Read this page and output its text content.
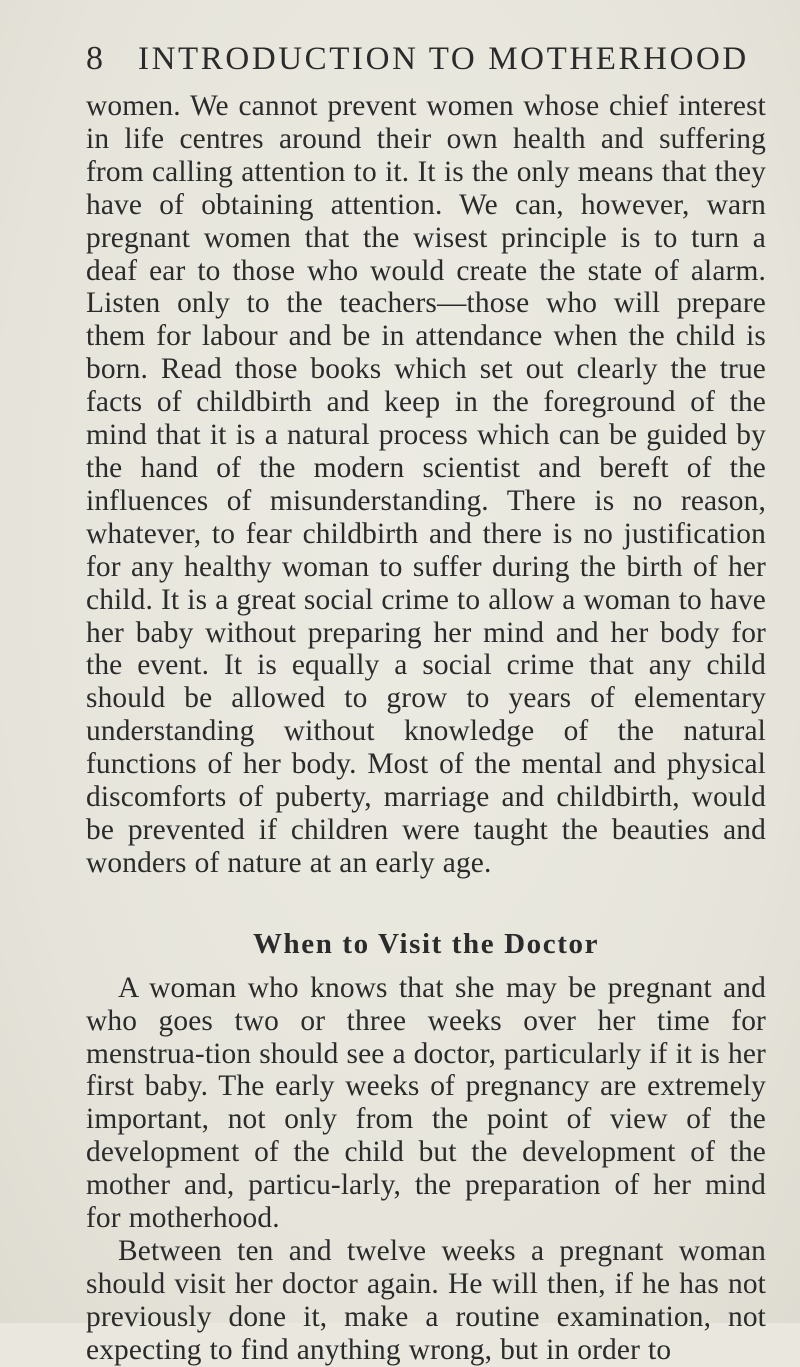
8	INTRODUCTION TO MOTHERHOOD

women. We cannot prevent women whose chief interest in life centres around their own health and suffering from calling attention to it. It is the only means that they have of obtaining attention. We can, however, warn pregnant women that the wisest principle is to turn a deaf ear to those who would create the state of alarm. Listen only to the teachers—those who will prepare them for labour and be in attendance when the child is born. Read those books which set out clearly the true facts of childbirth and keep in the foreground of the mind that it is a natural process which can be guided by the hand of the modern scientist and bereft of the influences of misunderstanding. There is no reason, whatever, to fear childbirth and there is no justification for any healthy woman to suffer during the birth of her child. It is a great social crime to allow a woman to have her baby without preparing her mind and her body for the event. It is equally a social crime that any child should be allowed to grow to years of elementary understanding without knowledge of the natural functions of her body. Most of the mental and physical discomforts of puberty, marriage and childbirth, would be prevented if children were taught the beauties and wonders of nature at an early age.

When to Visit the Doctor

A woman who knows that she may be pregnant and who goes two or three weeks over her time for menstrua-tion should see a doctor, particularly if it is her first baby. The early weeks of pregnancy are extremely important, not only from the point of view of the development of the child but the development of the mother and, particu-larly, the preparation of her mind for motherhood.

Between ten and twelve weeks a pregnant woman should visit her doctor again. He will then, if he has not previously done it, make a routine examination, not expecting to find anything wrong, but in order to
